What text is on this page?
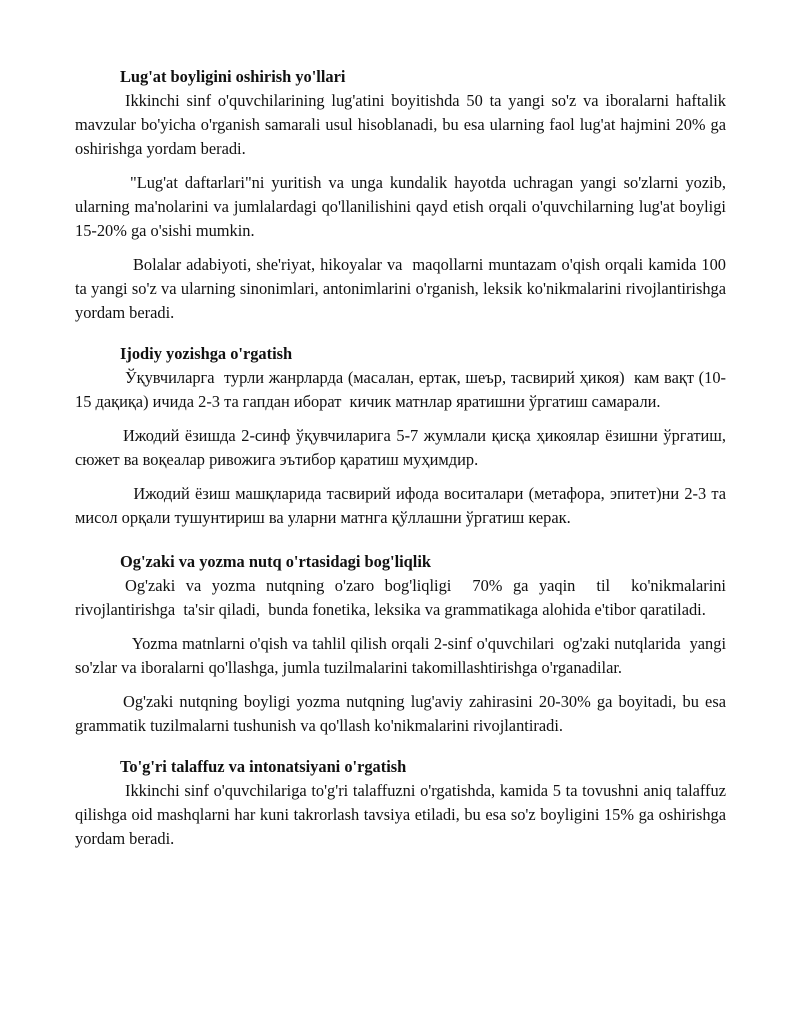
Lug'at boyligini oshirish yo'llari

Ikkinchi sinf o'quvchilarining lug'atini boyitishda 50 ta yangi so'z va iboralarni haftalik mavzular bo'yicha o'rganish samarali usul hisoblanadi, bu esa ularning faol lug'at hajmini 20% ga oshirishga yordam beradi.

"Lug'at daftarlari"ni yuritish va unga kundalik hayotda uchragan yangi so'zlarni yozib, ularning ma'nolarini va jumlalardagi qo'llanilishini qayd etish orqali o'quvchilarning lug'at boyligi 15-20% ga o'sishi mumkin.

Bolalar adabiyoti, she'riyat, hikoyalar va  maqollarni muntazam o'qish orqali kamida 100 ta yangi so'z va ularning sinonimlari, antonimlarini o'rganish, leksik ko'nikmalarini rivojlantirishga yordam beradi.

Ijodiy yozishga o'rgatish

Ўқувчиларга  турли жанрларда (масалан, ертак, шеър, тасвирий ҳикоя)  кам вақт (10-15 дақиқа) ичида 2-3 та гапдан иборат  кичик матнлар яратишни ўргатиш самарали.

Ижодий ёзишда 2-синф ўқувчиларига 5-7 жумлали қисқа ҳикоялар ёзишни ўргатиш, сюжет ва воқеалар ривожига эътибор қаратиш муҳимдир.

Ижодий ёзиш машқларида тасвирий ифода воситалари (метафора, эпитет)ни 2-3 та мисол орқали тушунтириш ва уларни матнга қўллашни ўргатиш керак.

Og'zaki va yozma nutq o'rtasidagi bog'liqlik

Og'zaki va yozma nutqning o'zaro bog'liqligi  70% ga yaqin  til  ko'nikmalarini rivojlantirishga  ta'sir qiladi,  bunda fonetika, leksika va grammatikaga alohida e'tibor qaratiladi.

Yozma matnlarni o'qish va tahlil qilish orqali 2-sinf o'quvchilari  og'zaki nutqlarida  yangi so'zlar va iboralarni qo'llashga, jumla tuzilmalarini takomillashtirishga o'rganadilar.

Og'zaki nutqning boyligi yozma nutqning lug'aviy zahirasini 20-30% ga boyitadi, bu esa grammatik tuzilmalarni tushunish va qo'llash ko'nikmalarini rivojlantiradi.

To'g'ri talaffuz va intonatsiyani o'rgatish

Ikkinchi sinf o'quvchilariga to'g'ri talaffuzni o'rgatishda, kamida 5 ta tovushni aniq talaffuz qilishga oid mashqlarni har kuni takrorlash tavsiya etiladi, bu esa so'z boyligini 15% ga oshirishga yordam beradi.
